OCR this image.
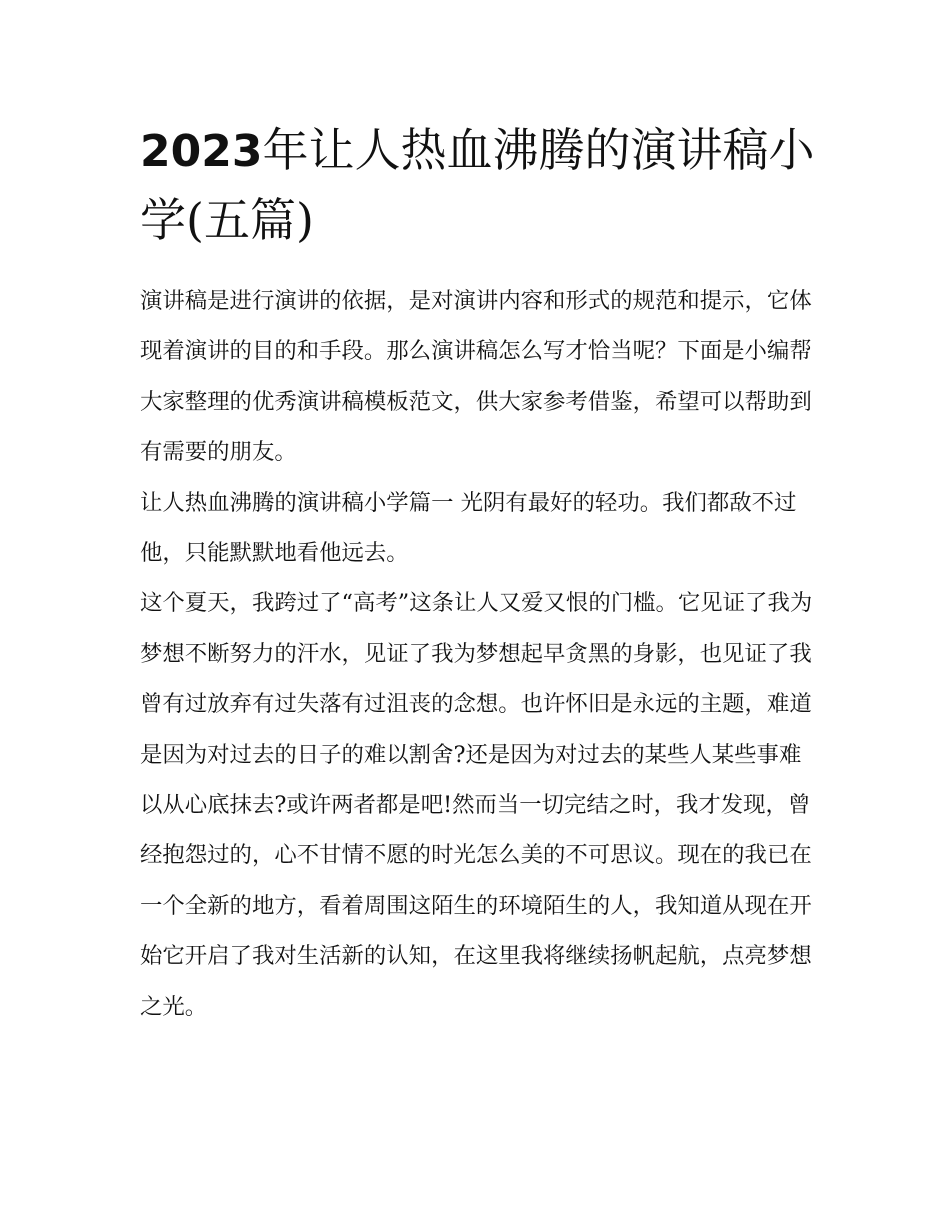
2023年让人热血沸腾的演讲稿小学(五篇)

演讲稿是进行演讲的依据，是对演讲内容和形式的规范和提示，它体现着演讲的目的和手段。那么演讲稿怎么写才恰当呢？下面是小编帮大家整理的优秀演讲稿模板范文，供大家参考借鉴，希望可以帮助到有需要的朋友。

让人热血沸腾的演讲稿小学篇一 光阴有最好的轻功。我们都敌不过他，只能默默地看他远去。

这个夏天，我跨过了“高考”这条让人又爱又恨的门槛。它见证了我为梦想不断努力的汗水，见证了我为梦想起早贪黑的身影，也见证了我曾有过放弃有过失落有过沮丧的念想。也许怀旧是永远的主题，难道是因为对过去的日子的难以割舍?还是因为对过去的某些人某些事难以从心底抹去?或许两者都是吧!然而当一切完结之时，我才发现，曾经抱怨过的，心不甘情不愿的时光怎么美的不可思议。现在的我已在一个全新的地方，看着周围这陌生的环境陌生的人，我知道从现在开始它开启了我对生活新的认知，在这里我将继续扬帆起航，点亮梦想之光。
